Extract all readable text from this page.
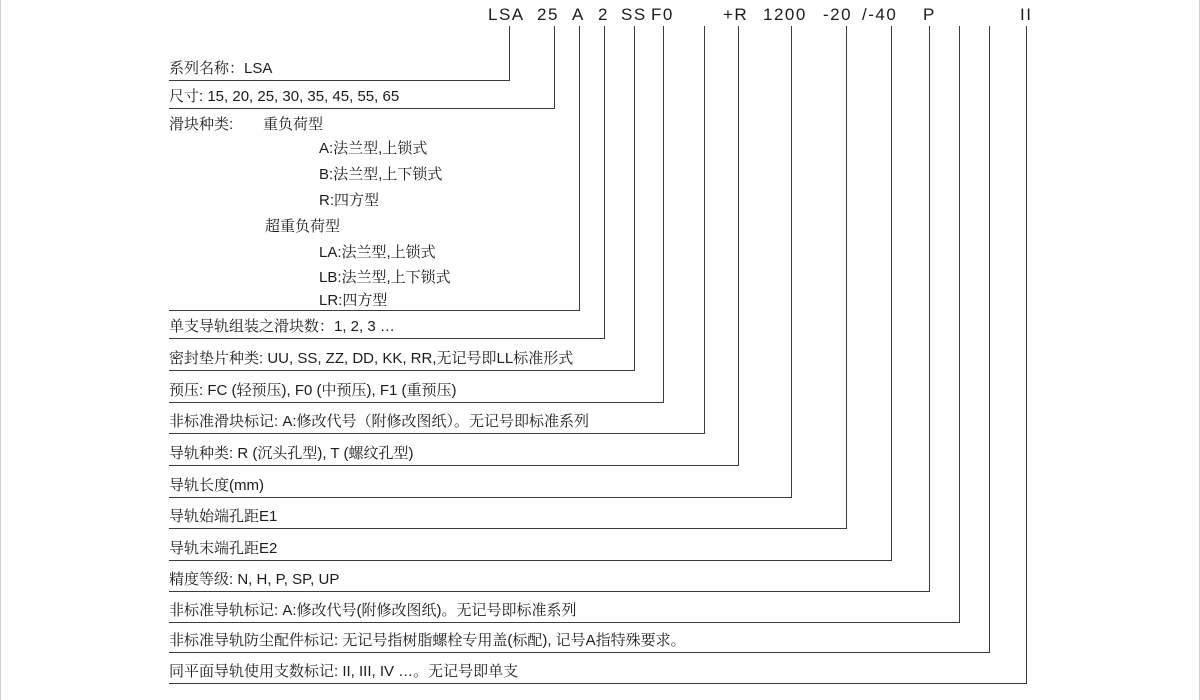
LSA 25 A 2 SS F0	+R 1200 -20 /-40 P	II
系列名称：LSA
尺寸: 15, 20, 25, 30, 35, 45, 55, 65
滑块种类: 重负荷型
A:法兰型,上锁式
B:法兰型,上下锁式
R:四方型
超重负荷型
LA:法兰型,上锁式
LB:法兰型,上下锁式
LR:四方型
单支导轨组装之滑块数：1, 2, 3 …
密封垫片种类: UU, SS, ZZ, DD, KK, RR,无记号即LL标准形式
预压: FC (轻预压), F0 (中预压), F1 (重预压)
非标准滑块标记: A:修改代号（附修改图纸）。无记号即标准系列
导轨种类: R (沉头孔型), T (螺纹孔型)
导轨长度(mm)
导轨始端孔距E1
导轨末端孔距E2
精度等级: N, H, P, SP, UP
非标准导轨标记: A:修改代号(附修改图纸)。无记号即标准系列
非标准导轨防尘配件标记: 无记号指树脂螺栓专用盖(标配), 记号A指特殊要求。
同平面导轨使用支数标记: II, III, IV …。无记号即单支
